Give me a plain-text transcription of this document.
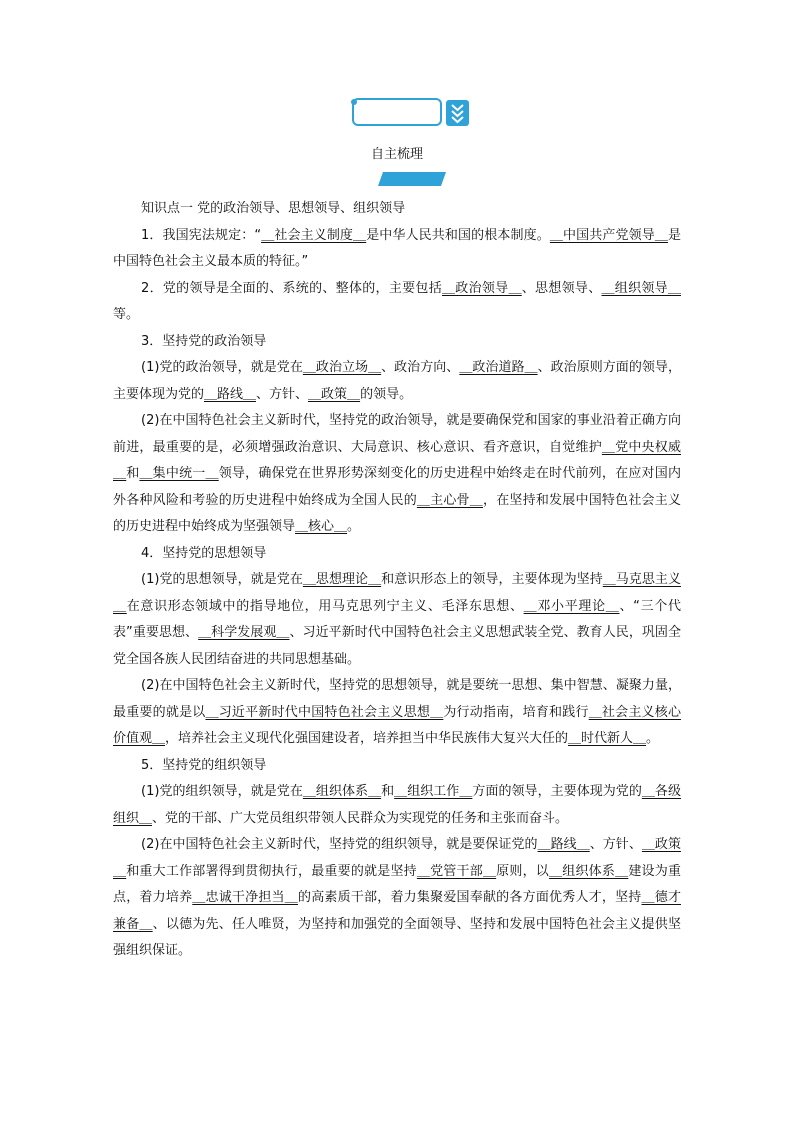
自主梳理

知识点一 党的政治领导、思想领导、组织领导

1．我国宪法规定：“＿社会主义制度＿是中华人民共和国的根本制度。＿中国共产党领导＿是中国特色社会主义最本质的特征。”

2．党的领导是全面的、系统的、整体的，主要包括＿政治领导＿、思想领导、＿组织领导＿等。

3．坚持党的政治领导

(1)党的政治领导，就是党在＿政治立场＿、政治方向、＿政治道路＿、政治原则方面的领导，主要体现为党的＿路线＿、方针、＿政策＿的领导。

(2)在中国特色社会主义新时代，坚持党的政治领导，就是要确保党和国家的事业沿着正确方向前进，最重要的是，必须增强政治意识、大局意识、核心意识、看齐意识，自觉维护＿党中央权威＿和＿集中统一＿领导，确保党在世界形势深刻变化的历史进程中始终走在时代前列，在应对国内外各种风险和考验的历史进程中始终成为全国人民的＿主心骨＿，在坚持和发展中国特色社会主义的历史进程中始终成为坚强领导＿核心＿。

4．坚持党的思想领导

(1)党的思想领导，就是党在＿思想理论＿和意识形态上的领导，主要体现为坚持＿马克思主义＿在意识形态领域中的指导地位，用马克思列宁主义、毛泽东思想、＿邓小平理论＿、“三个代表”重要思想、＿科学发展观＿、习近平新时代中国特色社会主义思想武装全党、教育人民，巩固全党全国各族人民团结奋进的共同思想基础。

(2)在中国特色社会主义新时代，坚持党的思想领导，就是要统一思想、集中智慧、凝聚力量，最重要的就是以＿习近平新时代中国特色社会主义思想＿为行动指南，培育和践行＿社会主义核心价值观＿，培养社会主义现代化强国建设者，培养担当中华民族伟大复兴大任的＿时代新人＿。

5．坚持党的组织领导

(1)党的组织领导，就是党在＿组织体系＿和＿组织工作＿方面的领导，主要体现为党的＿各级组织＿、党的干部、广大党员组织带领人民群众为实现党的任务和主张而奋斗。

(2)在中国特色社会主义新时代，坚持党的组织领导，就是要保证党的＿路线＿、方针、＿政策＿和重大工作部署得到贯彻执行，最重要的就是坚持＿党管干部＿原则，以＿组织体系＿建设为重点，着力培养＿忠诚干净担当＿的高素质干部，着力集聚爱国奉献的各方面优秀人才，坚持＿德才兼备＿、以德为先、任人唯贤，为坚持和加强党的全面领导、坚持和发展中国特色社会主义提供坚强组织保证。
